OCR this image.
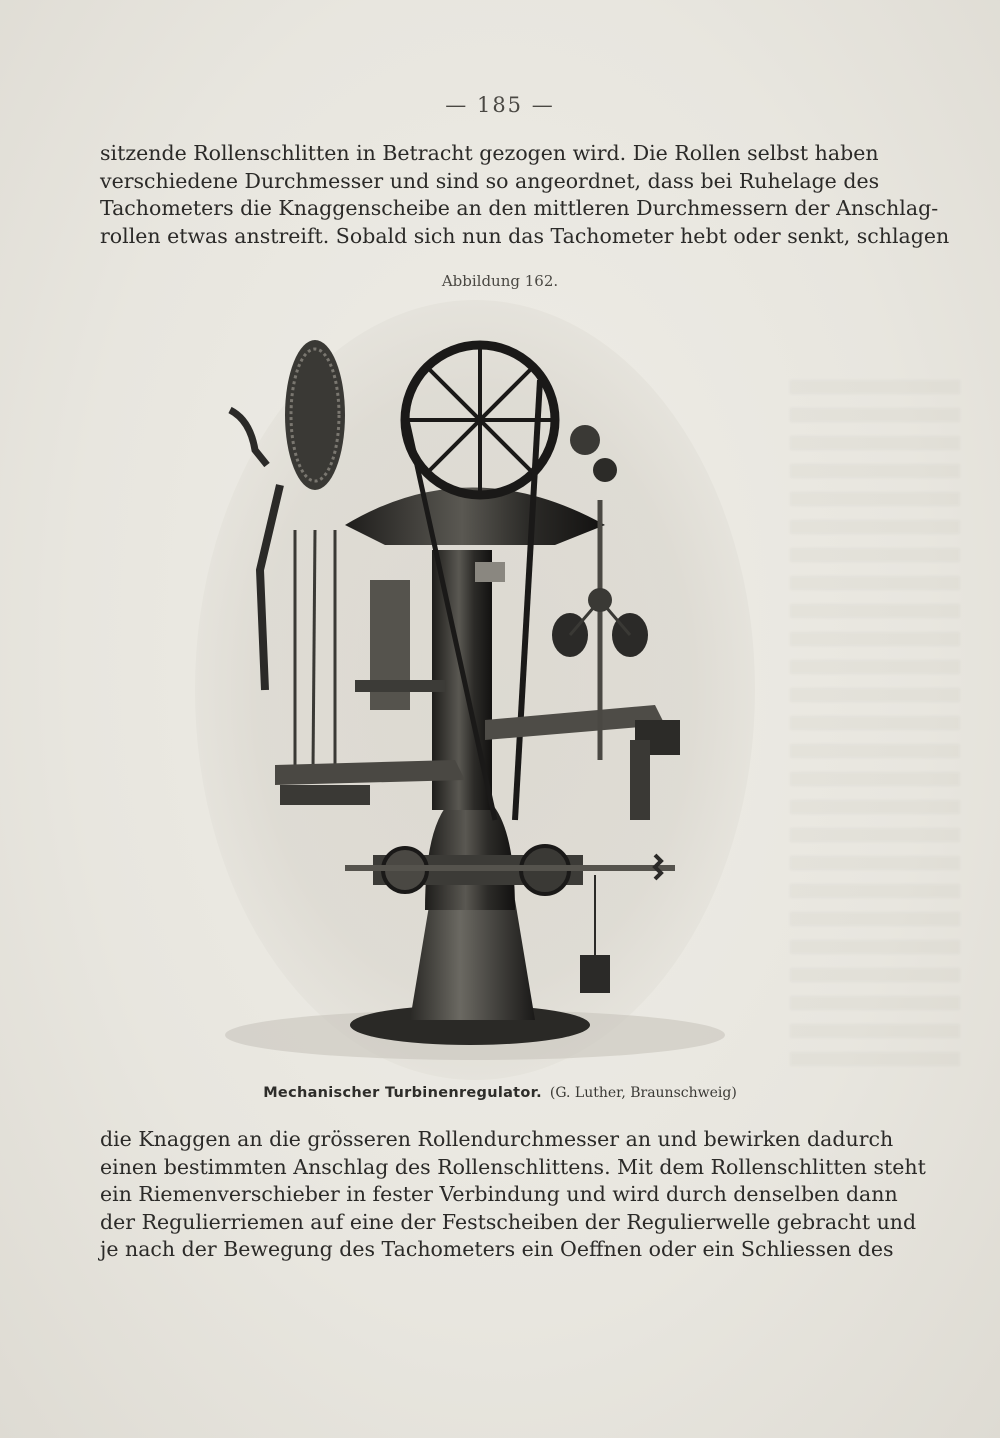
— 185 —
sitzende Rollenschlitten in Betracht gezogen wird. Die Rollen selbst haben
verschiedene Durchmesser und sind so angeordnet, dass bei Ruhelage des
Tachometers die Knaggenscheibe an den mittleren Durchmessern der Anschlag-
rollen etwas anstreift. Sobald sich nun das Tachometer hebt oder senkt, schlagen
Abbildung 162.
Mechanischer Turbinenregulator. (G. Luther, Braunschweig)
die Knaggen an die grösseren Rollendurchmesser an und bewirken dadurch
einen bestimmten Anschlag des Rollenschlittens. Mit dem Rollenschlitten steht
ein Riemenverschieber in fester Verbindung und wird durch denselben dann
der Regulierriemen auf eine der Festscheiben der Regulierwelle gebracht und
je nach der Bewegung des Tachometers ein Oeffnen oder ein Schliessen des
